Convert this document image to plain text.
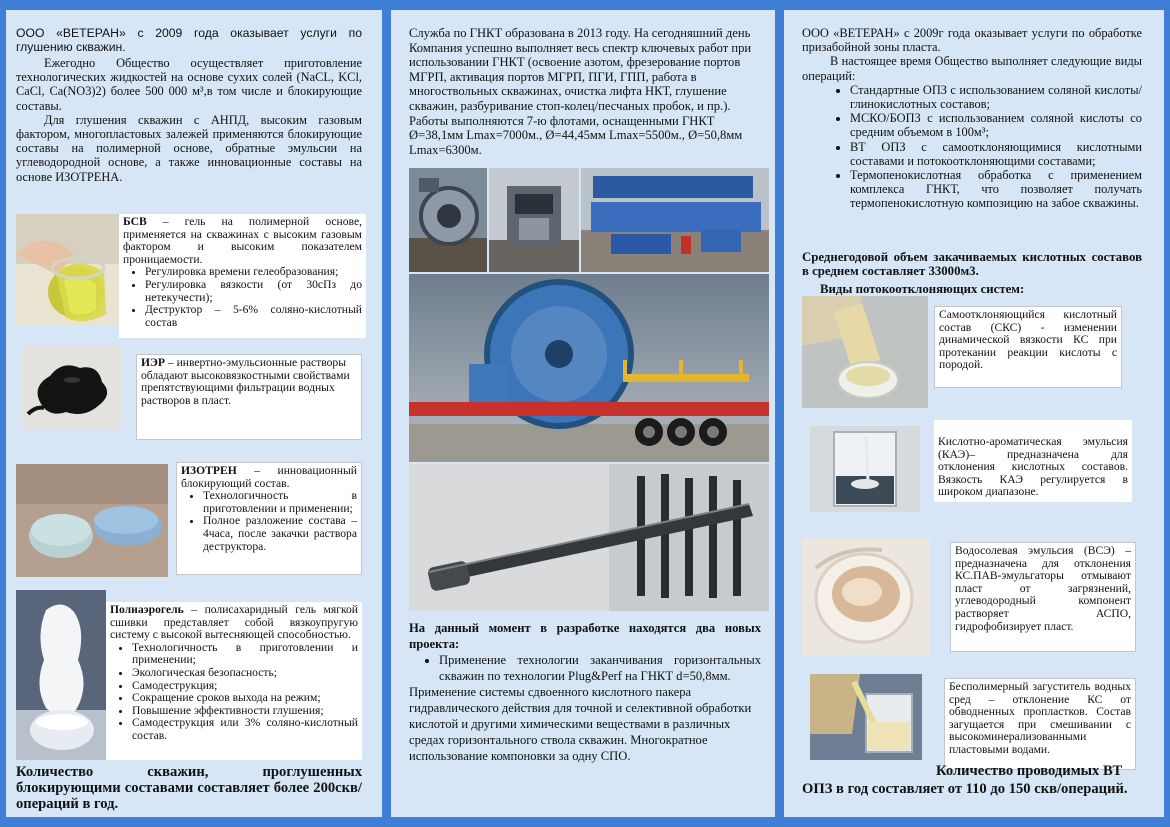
ООО «ВЕТЕРАН» с 2009 года оказывает услуги по глушению скважин.

Ежегодно Общество осуществляет приготовление технологических жидкостей на основе сухих солей (NaCL, KCl, CaCl, Ca(NO3)2) более 500 000 м³,в том числе и блокирующие составы.

Для глушения скважин с АНПД, высоким газовым фактором, многопластовых залежей применяются блокирующие составы на полимерной основе, обратные эмульсии на углеводородной основе, а также инновационные составы на основе ИЗОТРЕНА.

БСВ – гель на полимерной основе, применяется на скважинах с высоким газовым фактором и высоким показателем проницаемости.

• Регулировка времени гелеобразования;
• Регулировка вязкости (от 30сПз до нетекучести);
• Деструктор – 5-6% соляно-кислотный состав

ИЭР – инвертно-эмульсионные растворы обладают высоковязкостными свойствами препятствующими фильтрации водных растворов в пласт.

ИЗОТРЕН – инновационный блокирующий состав.

• Технологичность в приготовлении и применении;
• Полное разложение состава – 4часа, после закачки раствора деструктора.

Полиаэрогель – полисахаридный гель мягкой сшивки представляет собой вязкоупругую систему с высокой вытесняющей способностью.

• Технологичность в приготовлении и применении;
• Экологическая безопасность;
• Самодеструкция;
• Сокращение сроков выхода на режим;
• Повышение эффективности глушения;
• Самодеструкция или 3% соляно-кислотный состав.
Количество скважин, проглушенных блокирующими составами составляет более 200скв/операций в год.
Служба по ГНКТ образована в 2013 году. На сегодняшний день Компания успешно выполняет весь спектр ключевых работ при использовании ГНКТ (освоение азотом, фрезерование портов МГРП, активация портов МГРП, ПГИ, ГПП, работа в многоствольных скважинах, очистка лифта НКТ, глушение скважин, разбуривание стоп-колец/песчаных пробок, и пр.). Работы выполняются 7-ю флотами, оснащенными ГНКТ Ø=38,1мм Lmax=7000м., Ø=44,45мм Lmax=5500м., Ø=50,8мм Lmax=6300м.

На данный момент в разработке находятся два новых проекта:

• Применение технологии заканчивания горизонтальных скважин по технологии Plug&Perf на ГНКТ d=50,8мм.

Применение системы сдвоенного кислотного пакера гидравлического действия для точной и селективной обработки кислотой и другими химическими веществами в различных средах горизонтального ствола скважин. Многократное использование компоновки за одну СПО.

ООО «ВЕТЕРАН» с 2009г года оказывает услуги по обработке призабойной зоны пласта.

В настоящее время Общество выполняет следующие виды операций:

• Стандартные ОПЗ с использованием соляной кислоты/глинокислотных составов;
• МСКО/БОПЗ с использованием соляной кислоты со средним объемом в 100м³;
• ВТ ОПЗ с самоотклоняющимися кислотными составами и потокоотклоняющими составами;
• Термопенокислотная обработка с применением комплекса ГНКТ, что позволяет получать термопенокислотную композицию на забое скважины.
Среднегодовой объем закачиваемых кислотных составов в среднем составляет 33000м3.
Виды потокоотклоняющих систем:

Самоотклоняющийся кислотный состав (СКС) - изменении динамической вязкости КС при протекании реакции кислоты с породой.

Кислотно-ароматическая эмульсия (КАЭ)– предназначена для отклонения кислотных составов. Вязкость КАЭ регулируется в широком диапазоне.

Водосолевая эмульсия (ВСЭ) – предназначена для отклонения КС.ПАВ-эмульгаторы отмывают пласт от загрязнений, углеводородный компонент растворяет АСПО, гидрофобизирует пласт.

Бесполимерный загуститель водных сред – отклонение КС от обводненных пропластков. Состав загущается при смешивании с высокоминерализованными пластовыми водами.

Количество проводимых ВТ ОПЗ в год составляет от 110 до 150 скв/операций.
